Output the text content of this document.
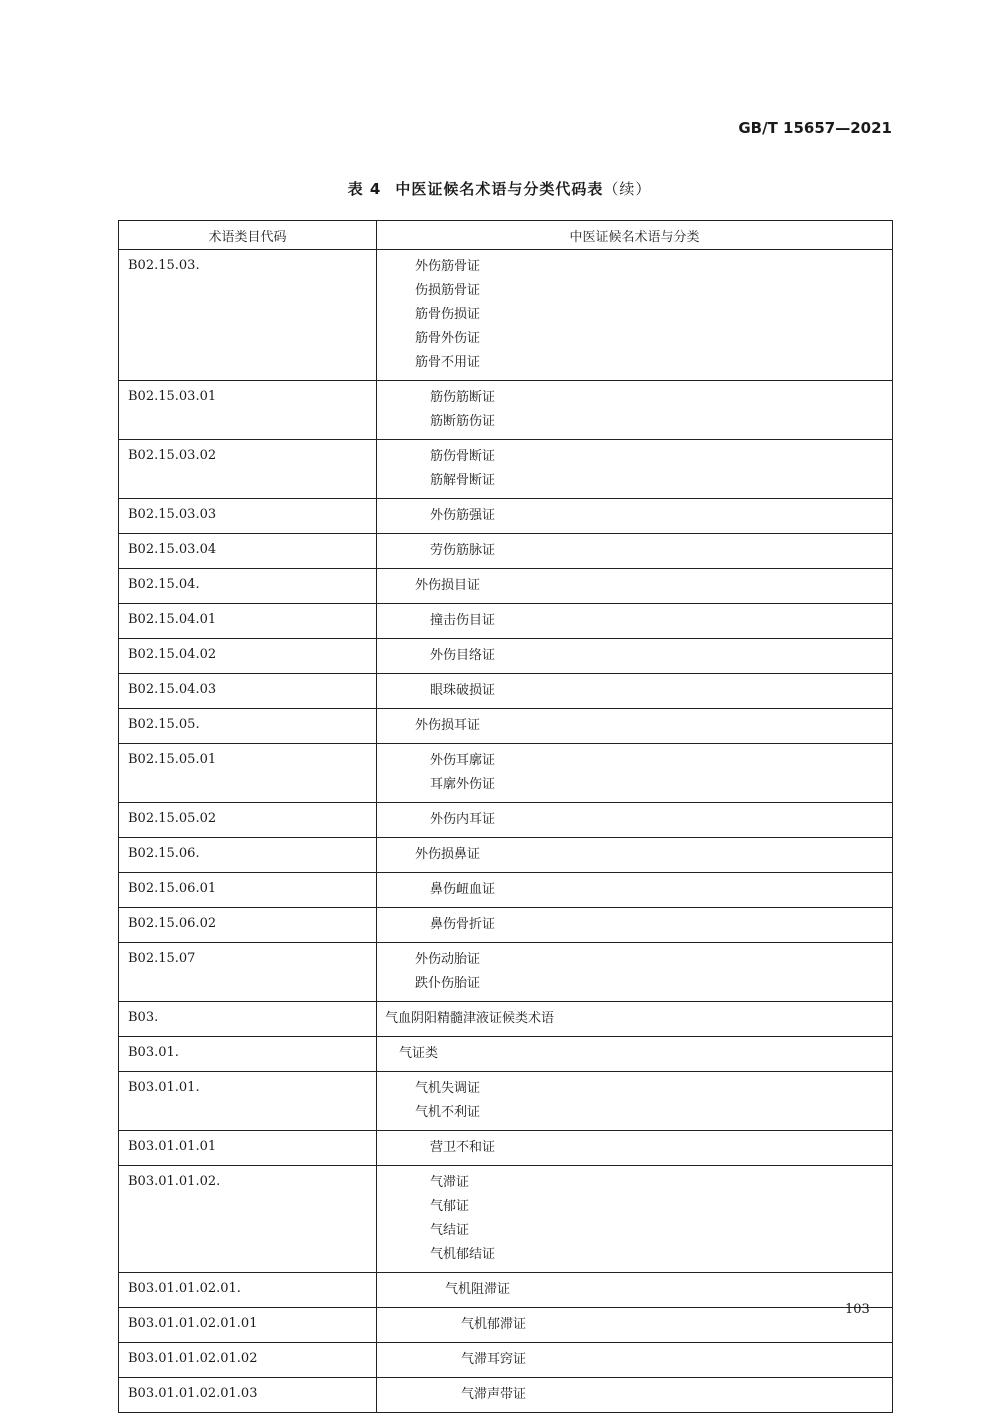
GB/T 15657—2021
表 4 中医证候名术语与分类代码表（续）
术语类目代码	中医证候名术语与分类
B02.15.03.	外伤筋骨证
伤损筋骨证
筋骨伤损证
筋骨外伤证
筋骨不用证

B02.15.03.01	筋伤筋断证
筋断筋伤证

B02.15.03.02	筋伤骨断证
筋解骨断证

B02.15.03.03	外伤筋强证

B02.15.03.04	劳伤筋脉证

B02.15.04.	外伤损目证

B02.15.04.01	撞击伤目证

B02.15.04.02	外伤目络证

B02.15.04.03	眼珠破损证

B02.15.05.	外伤损耳证

B02.15.05.01	外伤耳廓证
耳廓外伤证

B02.15.05.02	外伤内耳证

B02.15.06.	外伤损鼻证

B02.15.06.01	鼻伤衄血证

B02.15.06.02	鼻伤骨折证

B02.15.07	外伤动胎证
跌仆伤胎证

B03.	气血阴阳精髓津液证候类术语

B03.01.	气证类

B03.01.01.	气机失调证
气机不利证

B03.01.01.01	营卫不和证

B03.01.01.02.	气滞证
气郁证
气结证
气机郁结证

B03.01.01.02.01.	气机阻滞证

B03.01.01.02.01.01	气机郁滞证

B03.01.01.02.01.02	气滞耳窍证

B03.01.01.02.01.03	气滞声带证
103
